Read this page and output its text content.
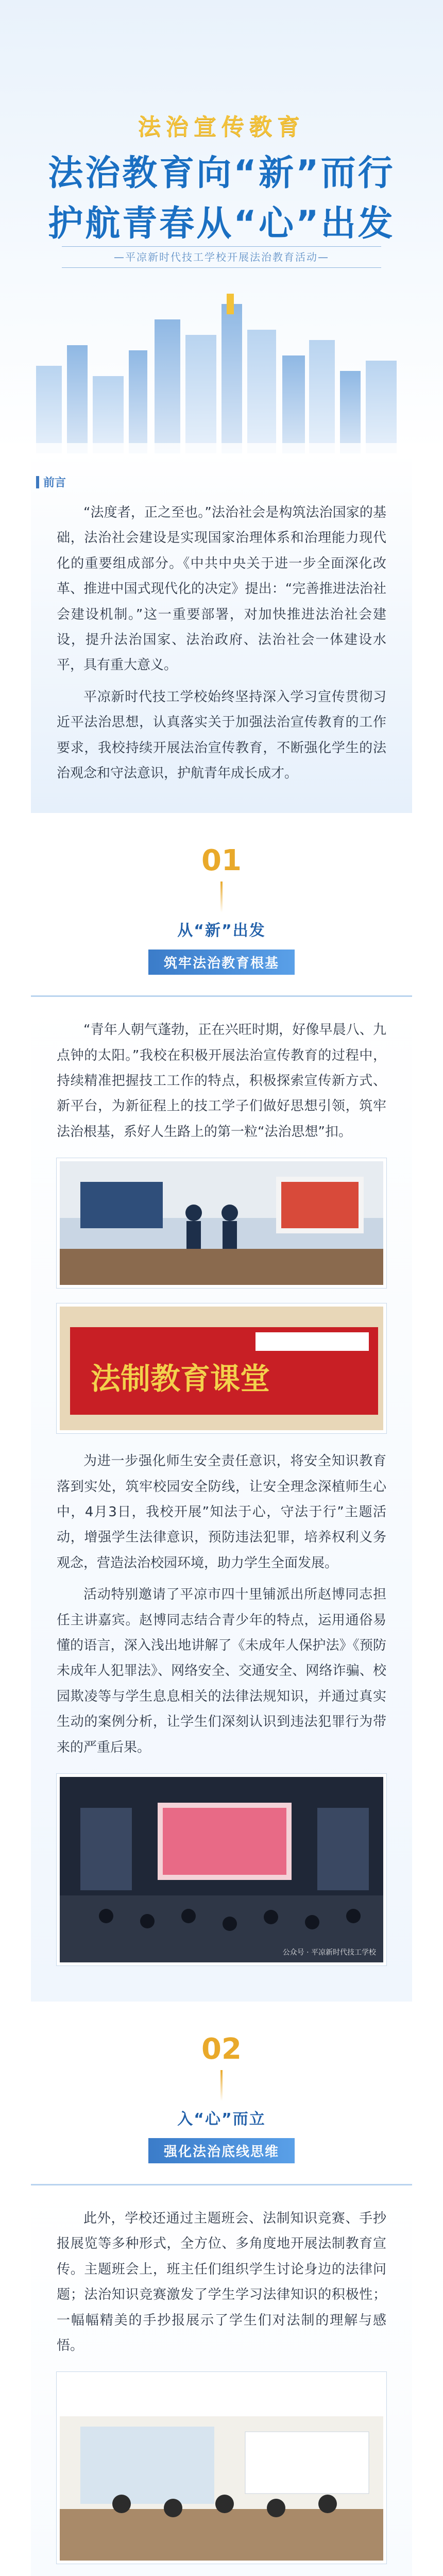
法治宣传教育
法治教育向“新”而行
护航青春从“心”出发
—平凉新时代技工学校开展法治教育活动—
前言

“法度者，正之至也。”法治社会是构筑法治国家的基础，法治社会建设是实现国家治理体系和治理能力现代化的重要组成部分。《中共中央关于进一步全面深化改革、推进中国式现代化的决定》提出：“完善推进法治社会建设机制。”这一重要部署，对加快推进法治社会建设，提升法治国家、法治政府、法治社会一体建设水平，具有重大意义。

平凉新时代技工学校始终坚持深入学习宣传贯彻习近平法治思想，认真落实关于加强法治宣传教育的工作要求，我校持续开展法治宣传教育，不断强化学生的法治观念和守法意识，护航青年成长成才。

01
从“新”出发
筑牢法治教育根基

“青年人朝气蓬勃，正在兴旺时期，好像早晨八、九点钟的太阳。”我校在积极开展法治宣传教育的过程中，持续精准把握技工工作的特点，积极探索宣传新方式、新平台，为新征程上的技工学子们做好思想引领，筑牢法治根基，系好人生路上的第一粒“法治思想”扣。

法制教育课堂

为进一步强化师生安全责任意识，将安全知识教育落到实处，筑牢校园安全防线，让安全理念深植师生心中，4月3日，我校开展”知法于心，守法于行”主题活动，增强学生法律意识，预防违法犯罪，培养权利义务观念，营造法治校园环境，助力学生全面发展。

活动特别邀请了平凉市四十里铺派出所赵博同志担任主讲嘉宾。赵博同志结合青少年的特点，运用通俗易懂的语言，深入浅出地讲解了《未成年人保护法》《预防未成年人犯罪法》、网络安全、交通安全、网络诈骗、校园欺凌等与学生息息相关的法律法规知识，并通过真实生动的案例分析，让学生们深刻认识到违法犯罪行为带来的严重后果。

公众号 · 平凉新时代技工学校
02
入“心”而立
强化法治底线思维

此外，学校还通过主题班会、法制知识竞赛、手抄报展览等多种形式，全方位、多角度地开展法制教育宣传。主题班会上，班主任们组织学生讨论身边的法律问题；法治知识竞赛激发了学生学习法律知识的积极性；一幅幅精美的手抄报展示了学生们对法制的理解与感悟。
